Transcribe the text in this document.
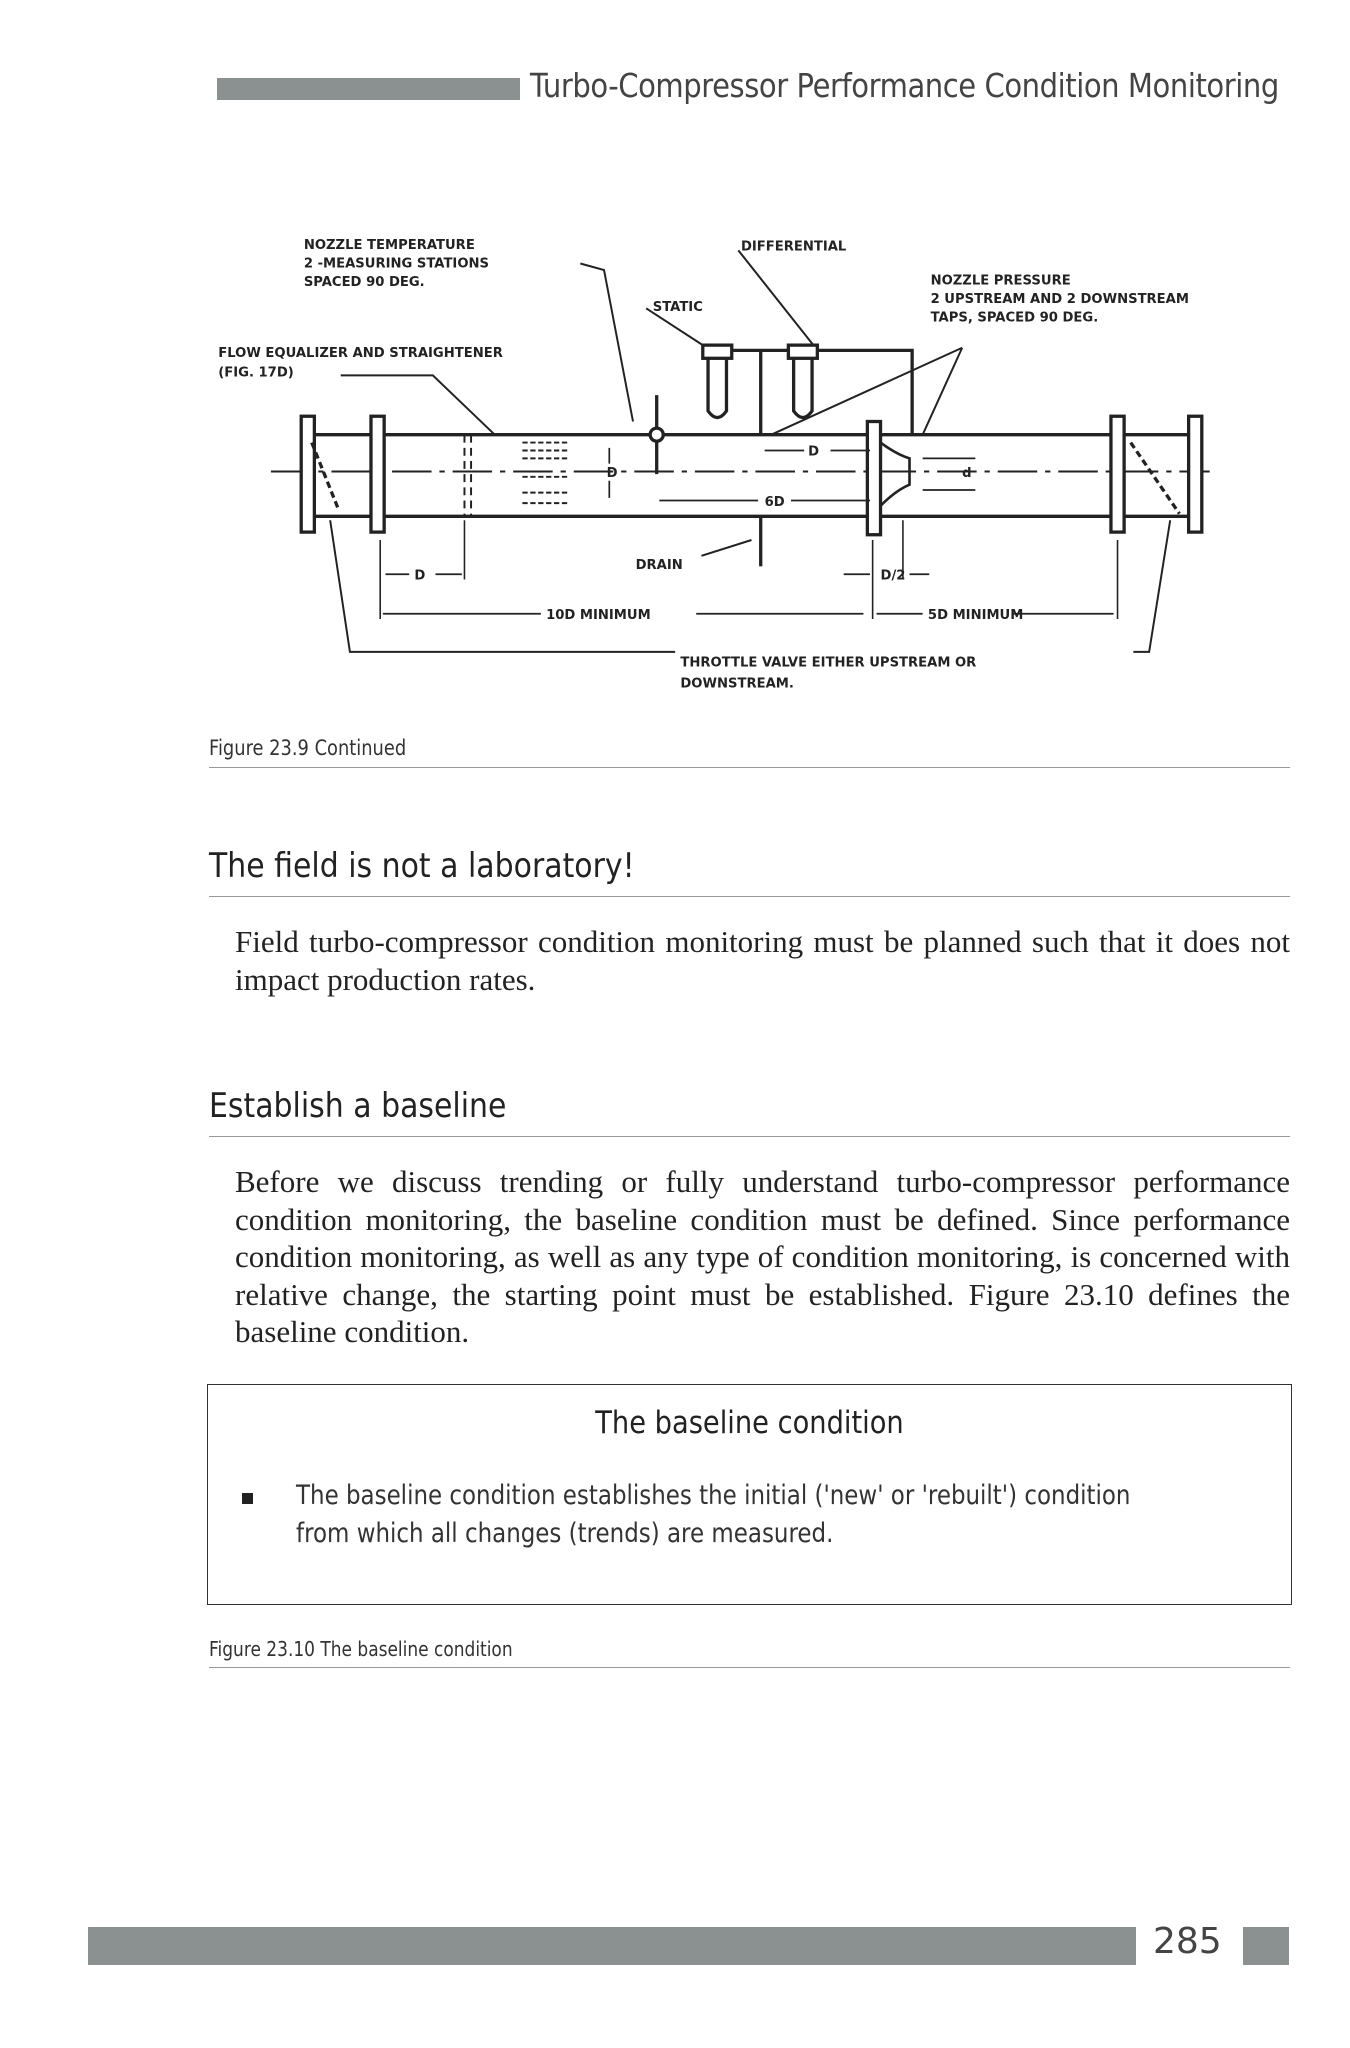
Turbo-Compressor Performance Condition Monitoring
NOZZLE TEMPERATURE
2 -MEASURING STATIONS
SPACED 90 DEG.
DIFFERENTIAL
STATIC
NOZZLE PRESSURE
2 UPSTREAM AND 2 DOWNSTREAM
TAPS, SPACED 90 DEG.
FLOW EQUALIZER AND STRAIGHTENER
(FIG. 17D)
DRAIN
D
D
D
6D
d
D/2
10D MINIMUM	5D MINIMUM
THROTTLE VALVE EITHER UPSTREAM OR
DOWNSTREAM.
Figure 23.9 Continued
The field is not a laboratory!
Field turbo-compressor condition monitoring must be planned such that it does not impact production rates.
Establish a baseline
Before we discuss trending or fully understand turbo-compressor performance condition monitoring, the baseline condition must be defined. Since performance condition monitoring, as well as any type of condition monitoring, is concerned with relative change, the starting point must be established. Figure 23.10 defines the baseline condition.
The baseline condition
The baseline condition establishes the initial ('new' or 'rebuilt') condition from which all changes (trends) are measured.
Figure 23.10 The baseline condition
285
